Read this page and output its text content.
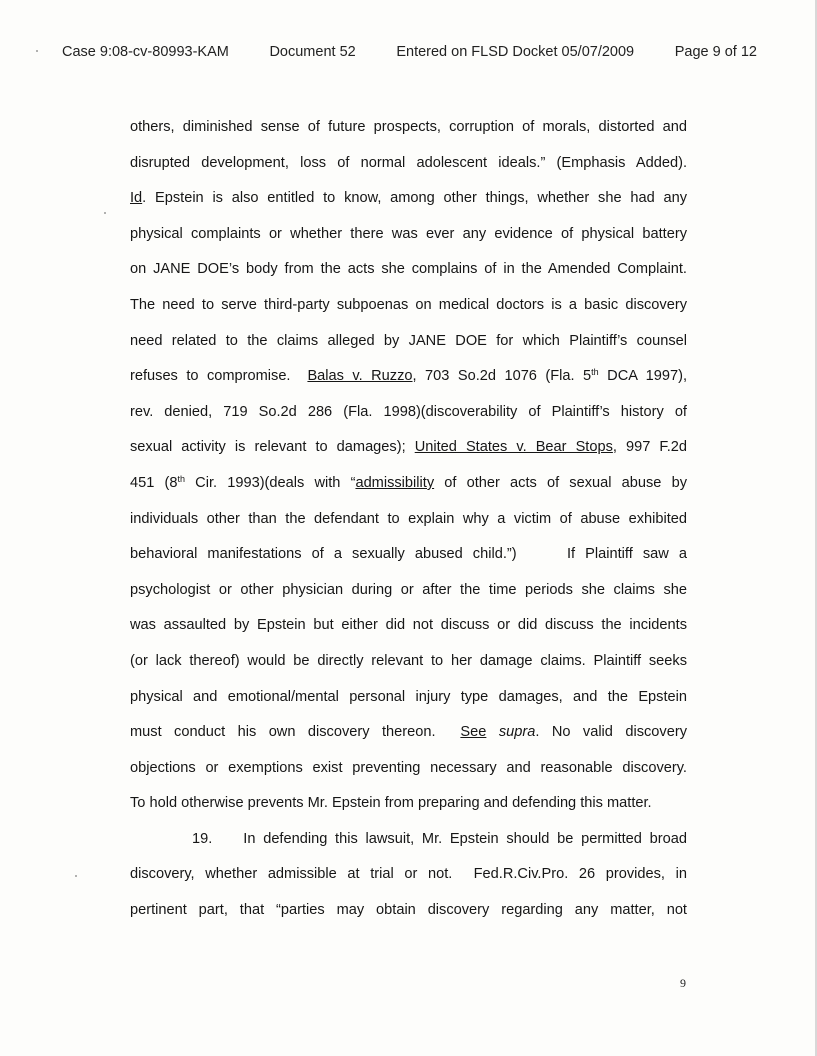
Case 9:08-cv-80993-KAM	Document 52	Entered on FLSD Docket 05/07/2009	Page 9 of 12
others, diminished sense of future prospects, corruption of morals, distorted and
disrupted development, loss of normal adolescent ideals.” (Emphasis Added).
Id. Epstein is also entitled to know, among other things, whether she had any
physical complaints or whether there was ever any evidence of physical battery
on JANE DOE’s body from the acts she complains of in the Amended Complaint.
The need to serve third-party subpoenas on medical doctors is a basic discovery
need related to the claims alleged by JANE DOE for which Plaintiff’s counsel
refuses to compromise. Balas v. Ruzzo, 703 So.2d 1076 (Fla. 5th DCA 1997),
rev. denied, 719 So.2d 286 (Fla. 1998)(discoverability of Plaintiff’s history of
sexual activity is relevant to damages); United States v. Bear Stops, 997 F.2d
451 (8th Cir. 1993)(deals with “admissibility of other acts of sexual abuse by
individuals other than the defendant to explain why a victim of abuse exhibited
behavioral manifestations of a sexually abused child.”)     If Plaintiff saw a
psychologist or other physician during or after the time periods she claims she
was assaulted by Epstein but either did not discuss or did discuss the incidents
(or lack thereof) would be directly relevant to her damage claims. Plaintiff seeks
physical and emotional/mental personal injury type damages, and the Epstein
must conduct his own discovery thereon. See supra. No valid discovery
objections or exemptions exist preventing necessary and reasonable discovery.
To hold otherwise prevents Mr. Epstein from preparing and defending this matter.
19. In defending this lawsuit, Mr. Epstein should be permitted broad
discovery, whether admissible at trial or not.  Fed.R.Civ.Pro. 26 provides, in
pertinent part, that “parties may obtain discovery regarding any matter, not
9
